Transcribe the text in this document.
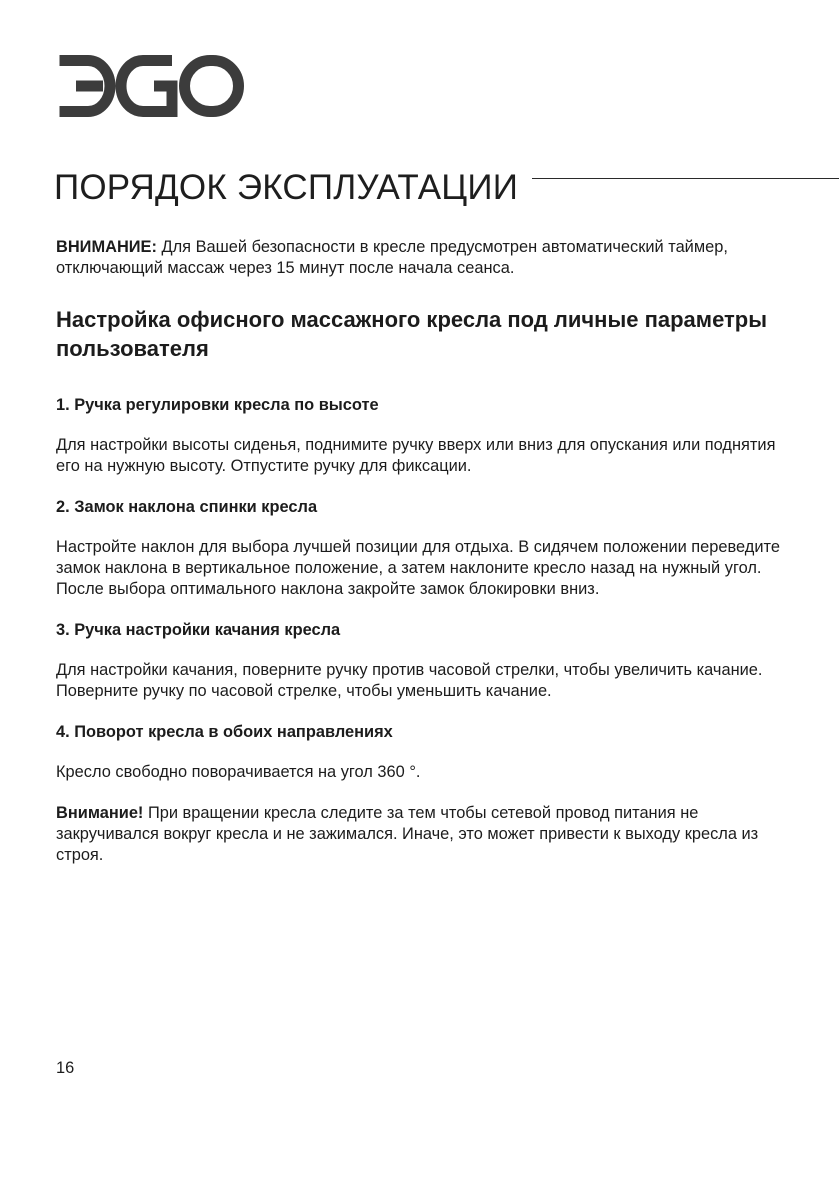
ПОРЯДОК ЭКСПЛУАТАЦИИ

ВНИМАНИЕ: Для Вашей безопасности в кресле предусмотрен автоматический таймер, отключающий массаж через 15 минут после начала сеанса.

Настройка офисного массажного кресла под личные параметры пользователя
1. Ручка регулировки кресла по высоте

Для настройки высоты сиденья, поднимите ручку вверх или вниз для опускания или поднятия его на нужную высоту. Отпустите ручку для фиксации.

2. Замок наклона спинки кресла

Настройте наклон для выбора лучшей позиции для отдыха. В сидячем положении переведите замок наклона в вертикальное положение, а затем наклоните кресло назад на нужный угол. После выбора оптимального наклона закройте замок блокировки вниз.

3. Ручка настройки качания кресла

Для настройки качания, поверните ручку против часовой стрелки, чтобы увеличить качание. Поверните ручку по часовой стрелке, чтобы уменьшить качание.

4. Поворот кресла в обоих направлениях

Кресло свободно поворачивается на угол 360 °.

Внимание! При вращении кресла следите за тем чтобы сетевой провод питания не закручивался вокруг кресла и не зажимался. Иначе, это может привести к выходу кресла из строя.

16
